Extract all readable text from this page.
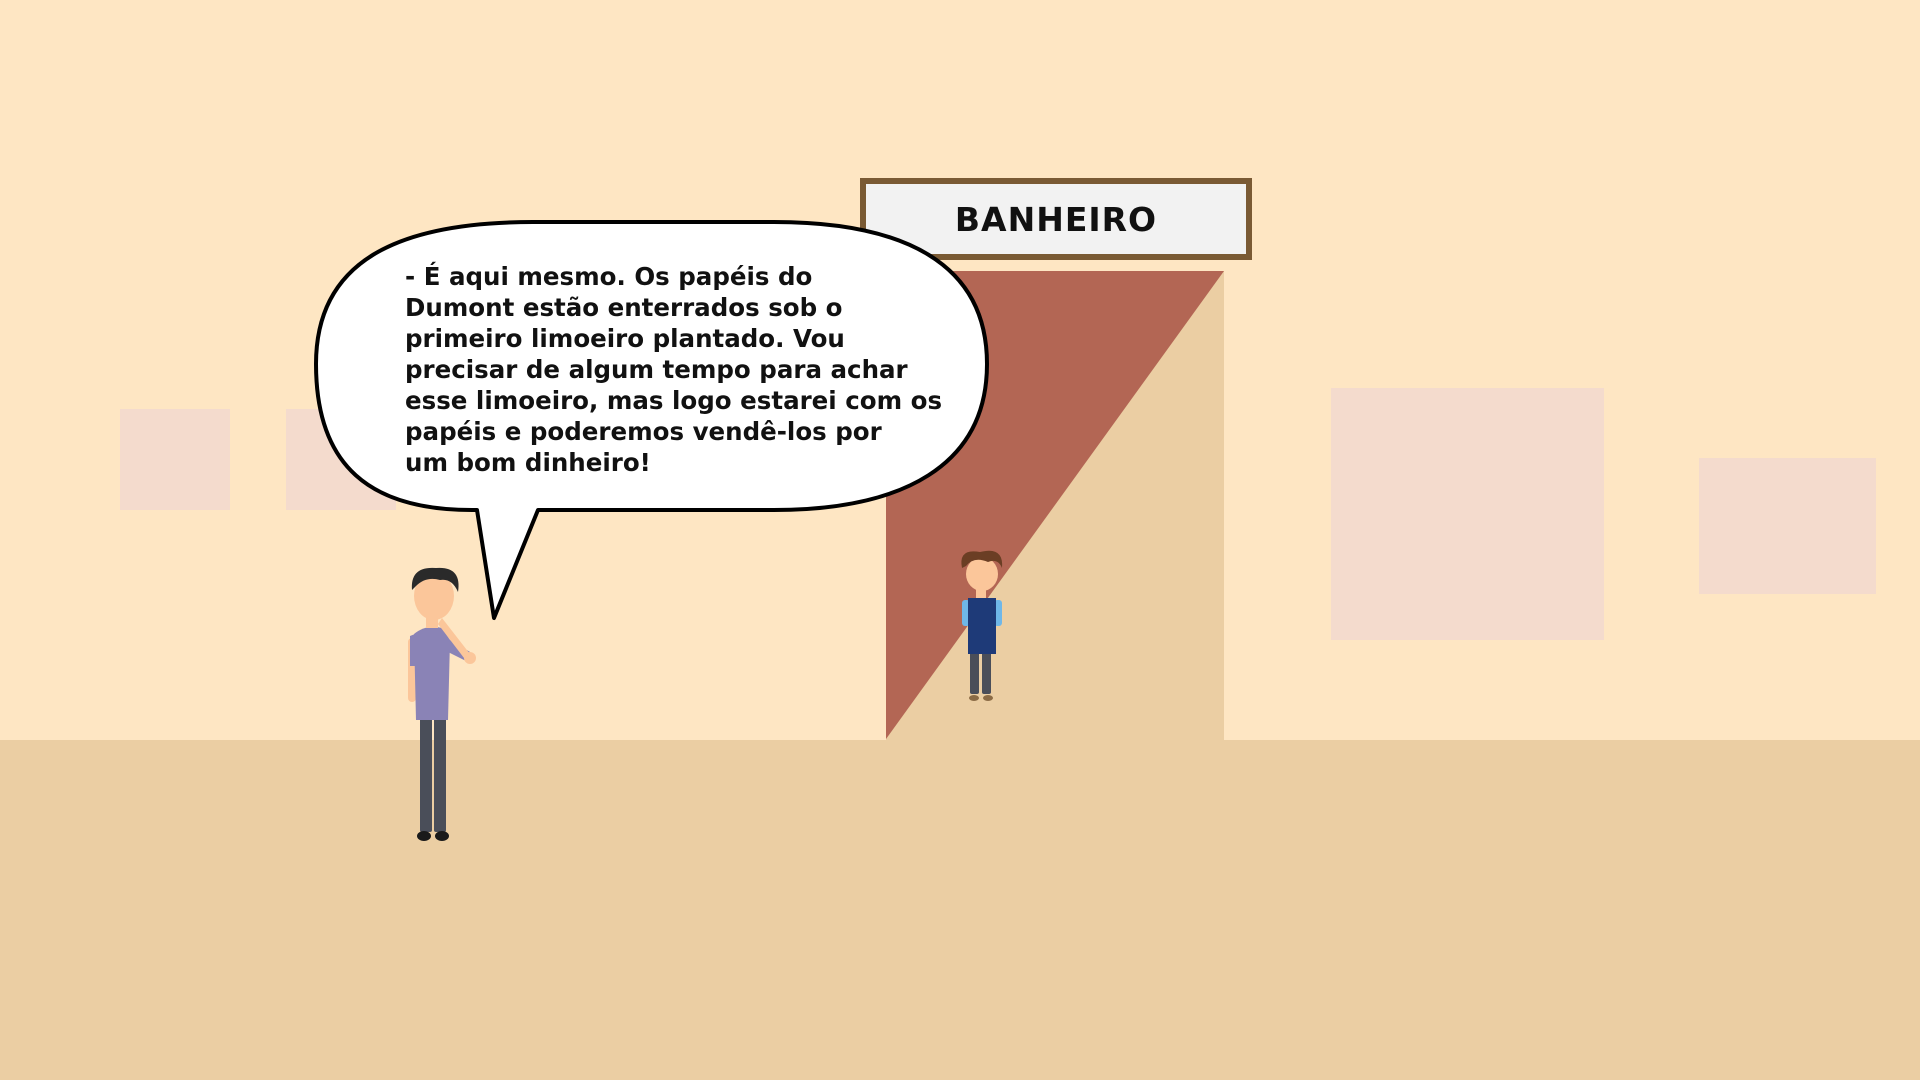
BANHEIRO
- É aqui mesmo. Os papéis do
Dumont estão enterrados sob o
primeiro limoeiro plantado. Vou
precisar de algum tempo para achar
esse limoeiro, mas logo estarei com os
papéis e poderemos vendê-los por
um bom dinheiro!
